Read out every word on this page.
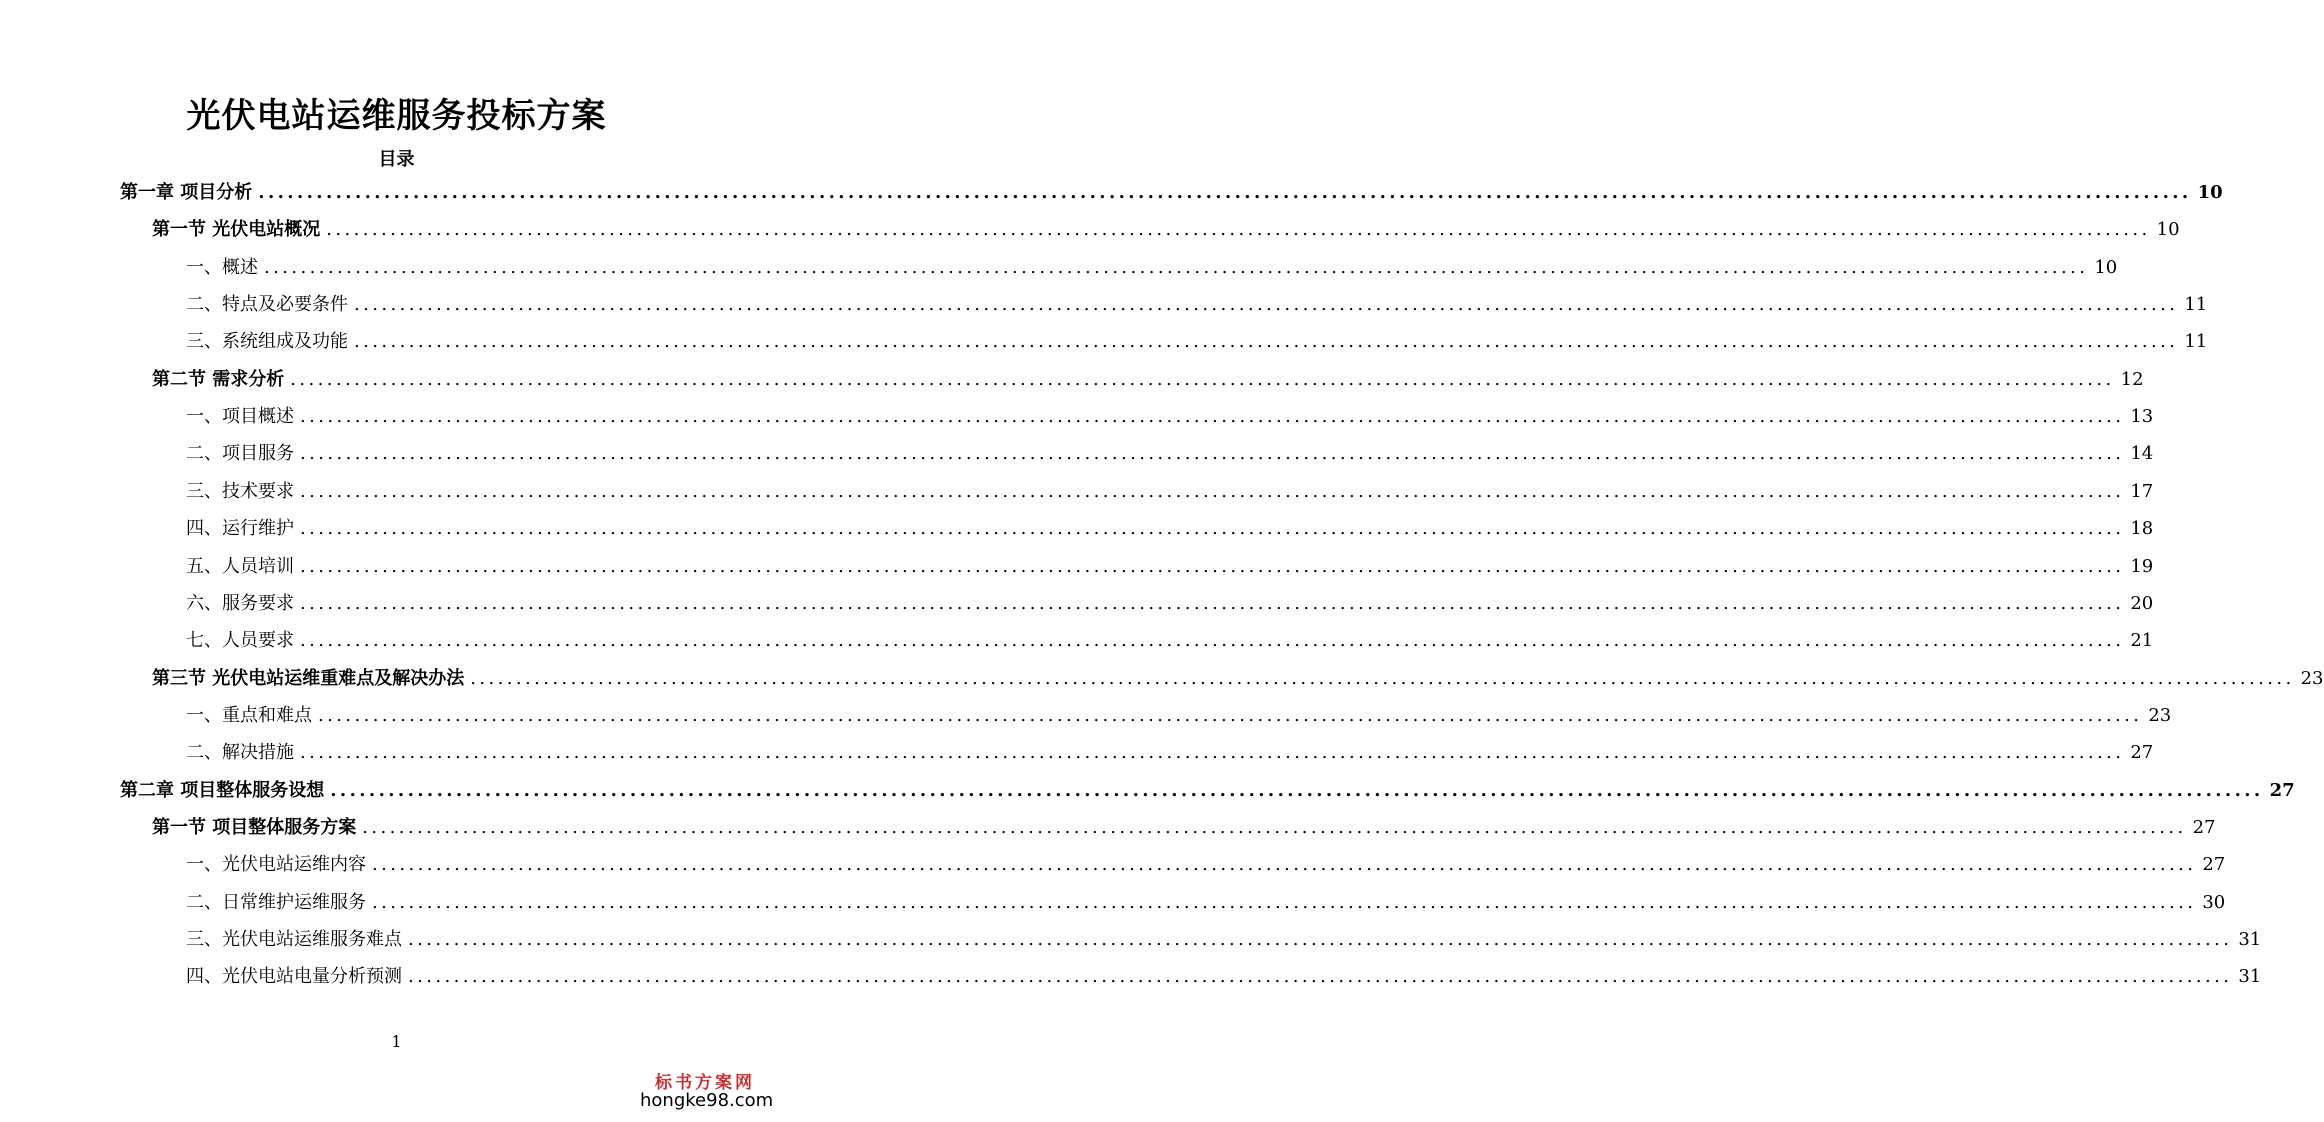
光伏电站运维服务投标方案
目录
第一章 项目分析 ........................................................................................................................................................................................................ 10
第一节 光伏电站概况 ........................................................................................................................................................................................................ 10
一、概述 ........................................................................................................................................................................................................ 10
二、特点及必要条件 ........................................................................................................................................................................................................ 11
三、系统组成及功能 ........................................................................................................................................................................................................ 11
第二节 需求分析 ........................................................................................................................................................................................................ 12
一、项目概述 ........................................................................................................................................................................................................ 13
二、项目服务 ........................................................................................................................................................................................................ 14
三、技术要求 ........................................................................................................................................................................................................ 17
四、运行维护 ........................................................................................................................................................................................................ 18
五、人员培训 ........................................................................................................................................................................................................ 19
六、服务要求 ........................................................................................................................................................................................................ 20
七、人员要求 ........................................................................................................................................................................................................ 21
第三节 光伏电站运维重难点及解决办法 ........................................................................................................................................................................................................ 23
一、重点和难点 ........................................................................................................................................................................................................ 23
二、解决措施 ........................................................................................................................................................................................................ 27
第二章 项目整体服务设想 ........................................................................................................................................................................................................ 27
第一节 项目整体服务方案 ........................................................................................................................................................................................................ 27
一、光伏电站运维内容 ........................................................................................................................................................................................................ 27
二、日常维护运维服务 ........................................................................................................................................................................................................ 30
三、光伏电站运维服务难点 ........................................................................................................................................................................................................ 31
四、光伏电站电量分析预测 ........................................................................................................................................................................................................ 31
1
标书方案网
hongke98.com
